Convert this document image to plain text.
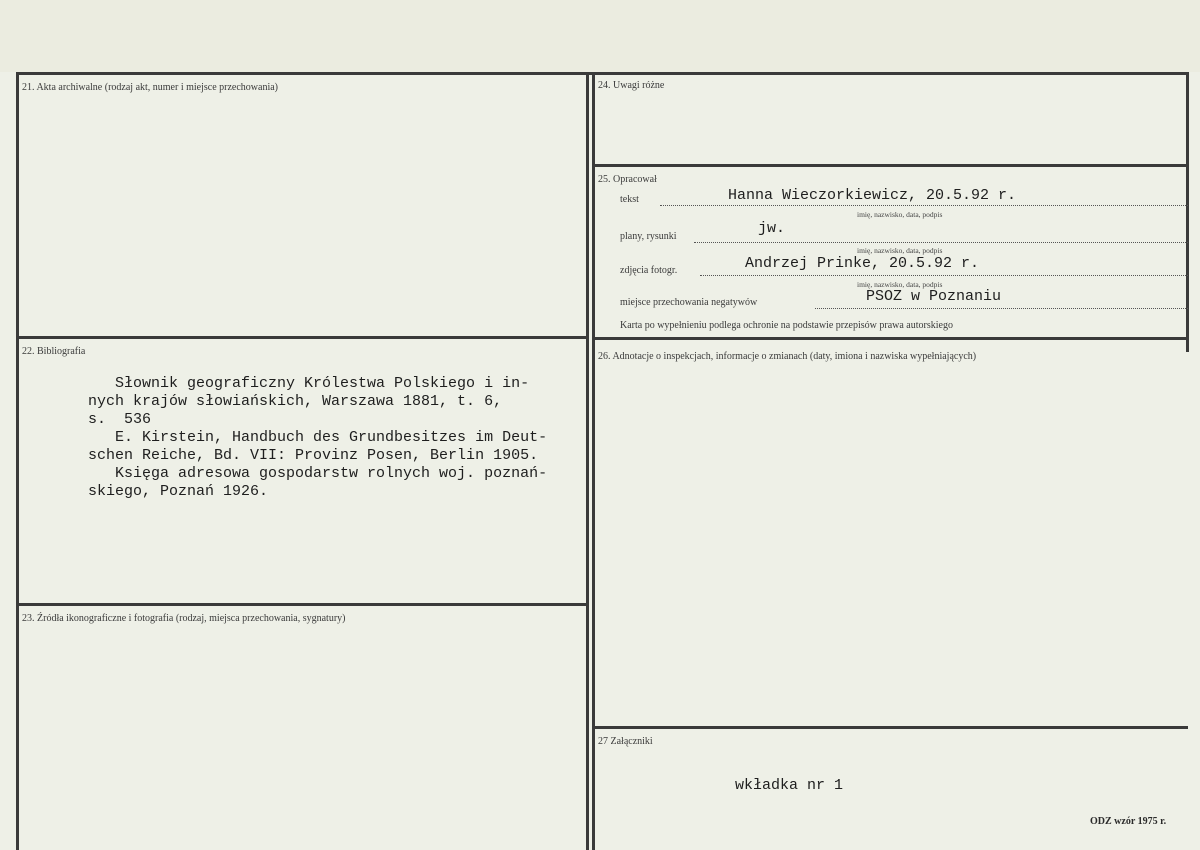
21. Akta archiwalne (rodzaj akt, numer i miejsce przechowania)
22. Bibliografia
Słownik geograficzny Królestwa Polskiego i in-
nych krajów słowiańskich, Warszawa 1881, t. 6,
s.  536
E. Kirstein, Handbuch des Grundbesitzes im Deut-
schen Reiche, Bd. VII: Provinz Posen, Berlin 1905.
Księga adresowa gospodarstw rolnych woj. poznań-
skiego, Poznań 1926.
23. Źródła ikonograficzne i fotografia (rodzaj, miejsca przechowania, sygnatury)
24. Uwagi różne
25. Opracował
tekst	Hanna Wieczorkiewicz, 20.5.92 r.
imię, nazwisko, data, podpis
plany, rysunki	jw.
imię, nazwisko, data, podpis
zdjęcia fotogr.	Andrzej Prinke, 20.5.92 r.
imię, nazwisko, data, podpis
miejsce przechowania negatywów	PSOZ w Poznaniu
Karta po wypełnieniu podlega ochronie na podstawie przepisów prawa autorskiego
26. Adnotacje o inspekcjach, informacje o zmianach (daty, imiona i nazwiska wypełniających)
27 Załączniki
wkładka nr 1
ODZ wzór 1975 r.
